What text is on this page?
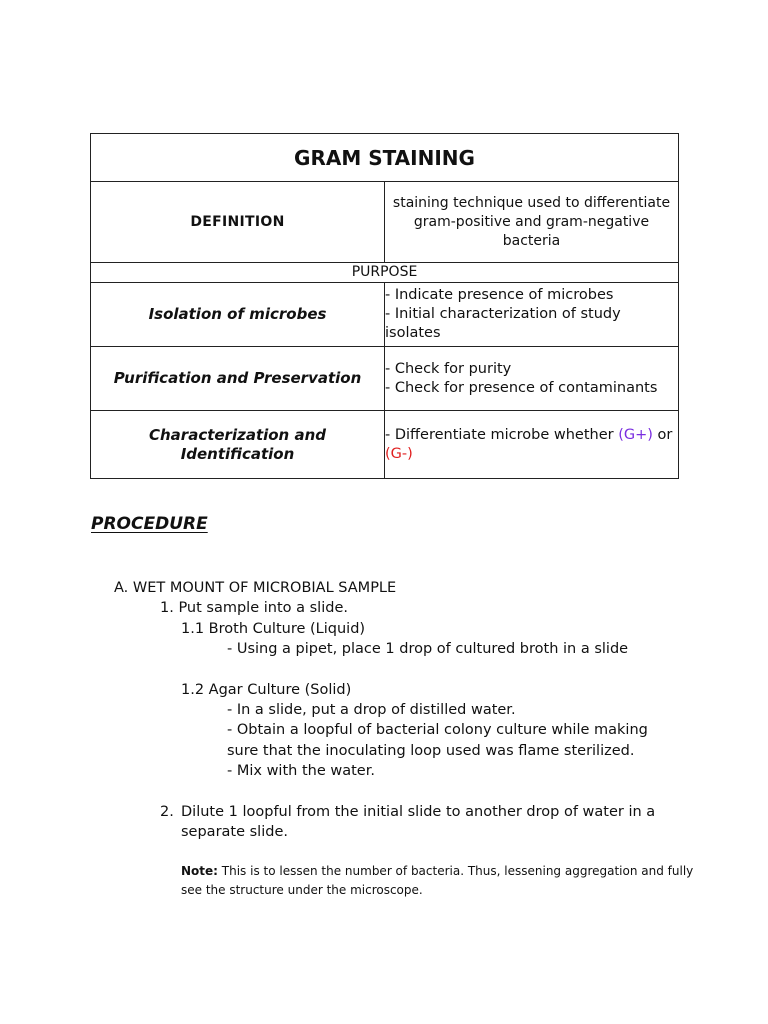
GRAM STAINING	
DEFINITION	staining technique used to differentiate gram-positive and gram-negative bacteria
PURPOSE	
Isolation of microbes	- Indicate presence of microbes
- Initial characterization of study isolates

Purification and Preservation	- Check for purity
- Check for presence of contaminants

Characterization and Identification	- Differentiate microbe whether (G+) or (G-)
PROCEDURE
A. WET MOUNT OF MICROBIAL SAMPLE
1. Put sample into a slide.
1.1 Broth Culture (Liquid)
- Using a pipet, place 1 drop of cultured broth in a slide
1.2 Agar Culture (Solid)
- In a slide, put a drop of distilled water.
- Obtain a loopful of bacterial colony culture while making
sure that the inoculating loop used was flame sterilized.
- Mix with the water.
2. Dilute 1 loopful from the initial slide to another drop of water in a
separate slide.
Note: This is to lessen the number of bacteria. Thus, lessening aggregation and fully see the structure under the microscope.
